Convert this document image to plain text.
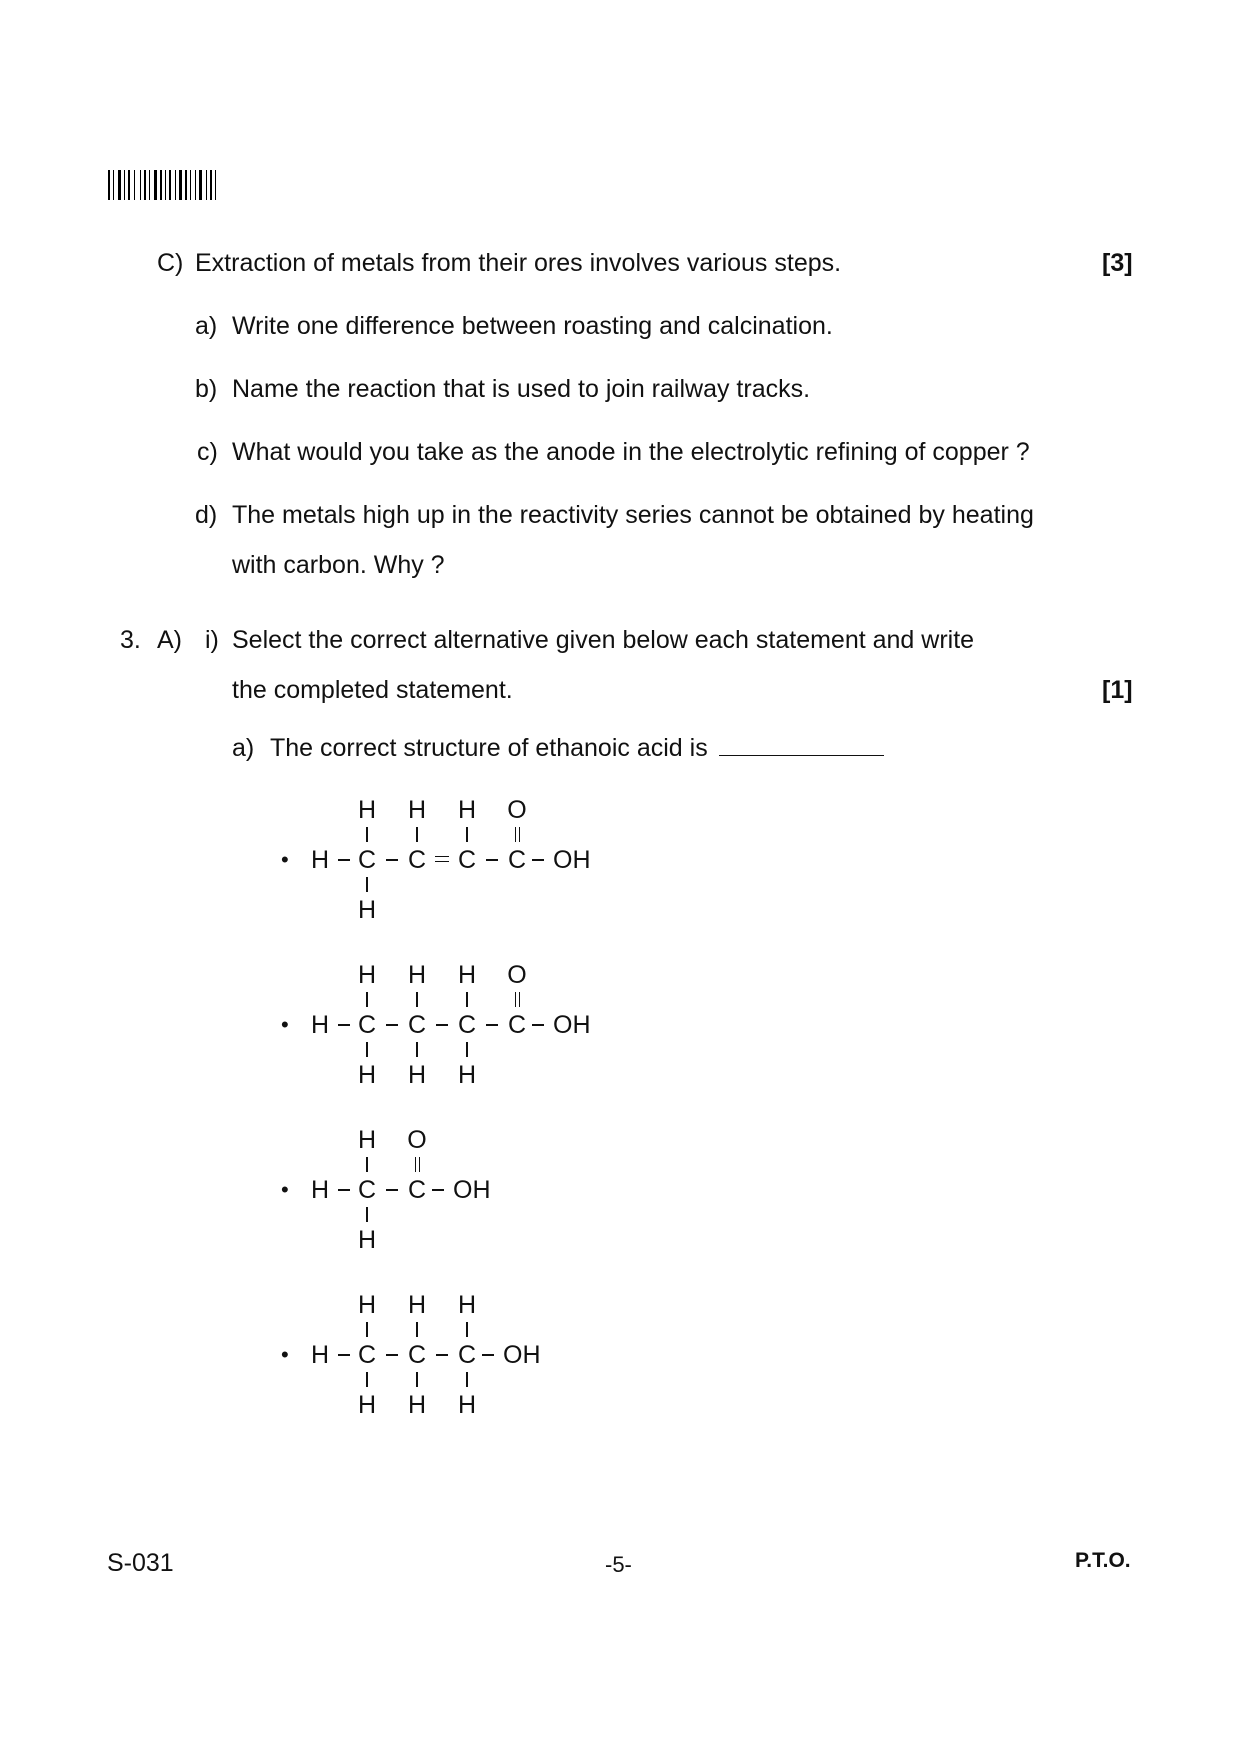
C) Extraction of metals from their ores involves various steps.	[3]
a) Write one difference between roasting and calcination.
b) Name the reaction that is used to join railway tracks.
c) What would you take as the anode in the electrolytic refining of copper ?
d) The metals high up in the reactivity series cannot be obtained by heating
with carbon. Why ?
3. A) i) Select the correct alternative given below each statement and write
the completed statement.	[1]
a) The correct structure of ethanoic acid is
• H C
H
H
C
H
C
H
C
O
OH
• H C
H
H
C
H
H
C
H
H
C
O
OH
• H C
H
H
C
O
OH
• H C
H
H
C
H
H
C
H
H
OH
S-031	-5-	P.T.O.
